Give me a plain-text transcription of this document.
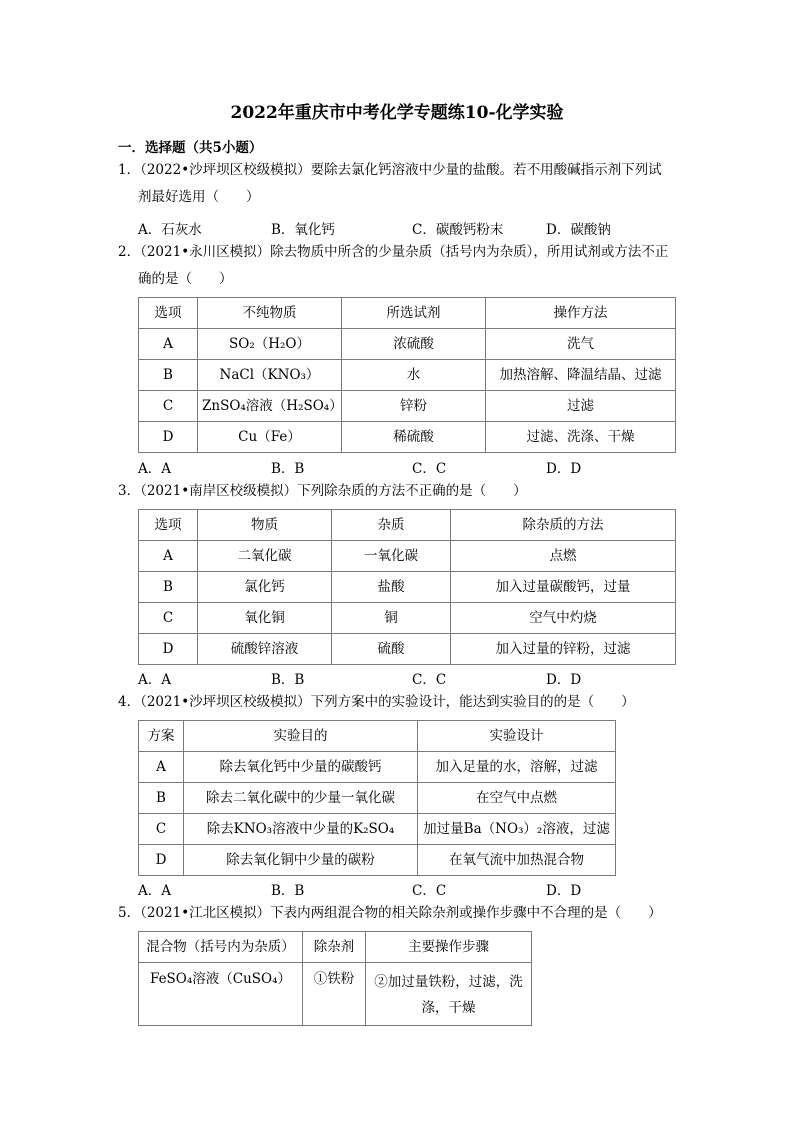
2022年重庆市中考化学专题练10-化学实验
一．选择题（共5小题）
1．（2022•沙坪坝区校级模拟）要除去氯化钙溶液中少量的盐酸。若不用酸碱指示剂下列试
剂最好选用（　　）
A．石灰水	B．氧化钙	C．碳酸钙粉末	D．碳酸钠
2．（2021•永川区模拟）除去物质中所含的少量杂质（括号内为杂质），所用试剂或方法不正
确的是（　　）
选项	不纯物质	所选试剂	操作方法
A	SO₂（H₂O）	浓硫酸	洗气
B	NaCl（KNO₃）	水	加热溶解、降温结晶、过滤
C	ZnSO₄溶液（H₂SO₄）	锌粉	过滤
D	Cu（Fe）	稀硫酸	过滤、洗涤、干燥
A．A	B．B	C．C	D．D
3．（2021•南岸区校级模拟）下列除杂质的方法不正确的是（　　）
选项	物质	杂质	除杂质的方法
A	二氧化碳	一氧化碳	点燃
B	氯化钙	盐酸	加入过量碳酸钙，过量
C	氧化铜	铜	空气中灼烧
D	硫酸锌溶液	硫酸	加入过量的锌粉，过滤
A．A	B．B	C．C	D．D
4．（2021•沙坪坝区校级模拟）下列方案中的实验设计，能达到实验目的的是（　　）
方案	实验目的	实验设计
A	除去氧化钙中少量的碳酸钙	加入足量的水，溶解，过滤
B	除去二氧化碳中的少量一氧化碳	在空气中点燃
C	除去KNO₃溶液中少量的K₂SO₄	加过量Ba（NO₃）₂溶液，过滤
D	除去氧化铜中少量的碳粉	在氧气流中加热混合物
A．A	B．B	C．C	D．D
5．（2021•江北区模拟）下表内两组混合物的相关除杂剂或操作步骤中不合理的是（　　）
混合物（括号内为杂质）	除杂剂	主要操作步骤
FeSO₄溶液（CuSO₄）	①铁粉	②加过量铁粉，过滤，洗涤，干燥
